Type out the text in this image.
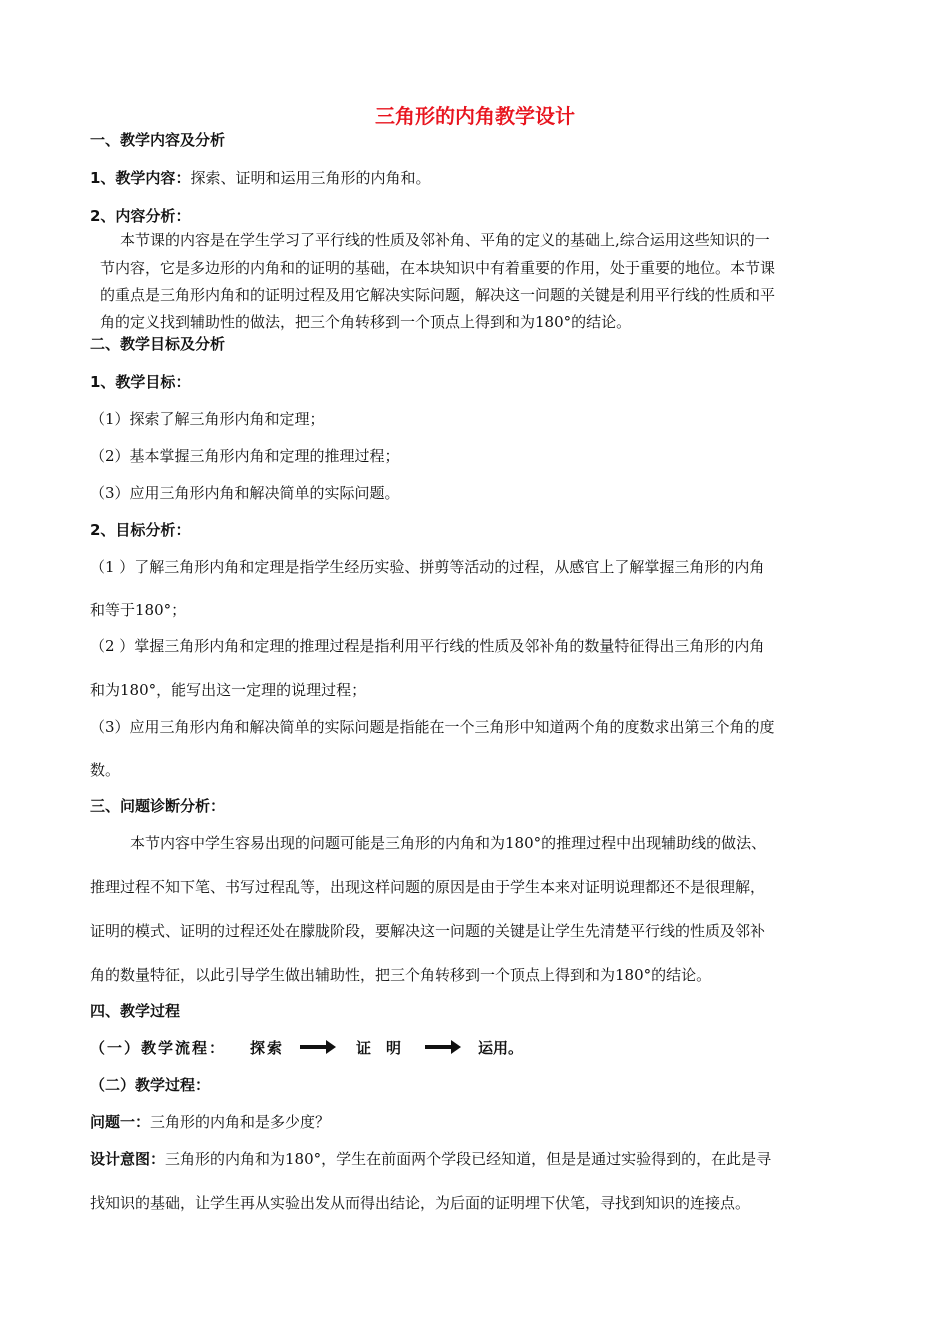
三角形的内角教学设计
一、教学内容及分析
1、教学内容：探索、证明和运用三角形的内角和。
2、内容分析：
本节课的内容是在学生学习了平行线的性质及邻补角、平角的定义的基础上,综合运用这些知识的一
节内容，它是多边形的内角和的证明的基础，在本块知识中有着重要的作用，处于重要的地位。本节课
的重点是三角形内角和的证明过程及用它解决实际问题，解决这一问题的关键是利用平行线的性质和平
角的定义找到辅助性的做法，把三个角转移到一个顶点上得到和为180°的结论。
二、教学目标及分析
1、教学目标：
（1）探索了解三角形内角和定理；
（2）基本掌握三角形内角和定理的推理过程；
（3）应用三角形内角和解决简单的实际问题。
2、目标分析：
（1 ）了解三角形内角和定理是指学生经历实验、拼剪等活动的过程，从感官上了解掌握三角形的内角
和等于180°；
（2 ）掌握三角形内角和定理的推理过程是指利用平行线的性质及邻补角的数量特征得出三角形的内角
和为180°，能写出这一定理的说理过程；
（3）应用三角形内角和解决简单的实际问题是指能在一个三角形中知道两个角的度数求出第三个角的度
数。
三、问题诊断分析：
本节内容中学生容易出现的问题可能是三角形的内角和为180°的推理过程中出现辅助线的做法、
推理过程不知下笔、书写过程乱等，出现这样问题的原因是由于学生本来对证明说理都还不是很理解，
证明的模式、证明的过程还处在朦胧阶段，要解决这一问题的关键是让学生先清楚平行线的性质及邻补
角的数量特征，以此引导学生做出辅助性，把三个角转移到一个顶点上得到和为180°的结论。
四、教学过程
（一）教学流程： 探索	证　明	运用。
（二）教学过程：
问题一：三角形的内角和是多少度？
设计意图：三角形的内角和为180°，学生在前面两个学段已经知道，但是是通过实验得到的，在此是寻
找知识的基础，让学生再从实验出发从而得出结论，为后面的证明埋下伏笔，寻找到知识的连接点。
